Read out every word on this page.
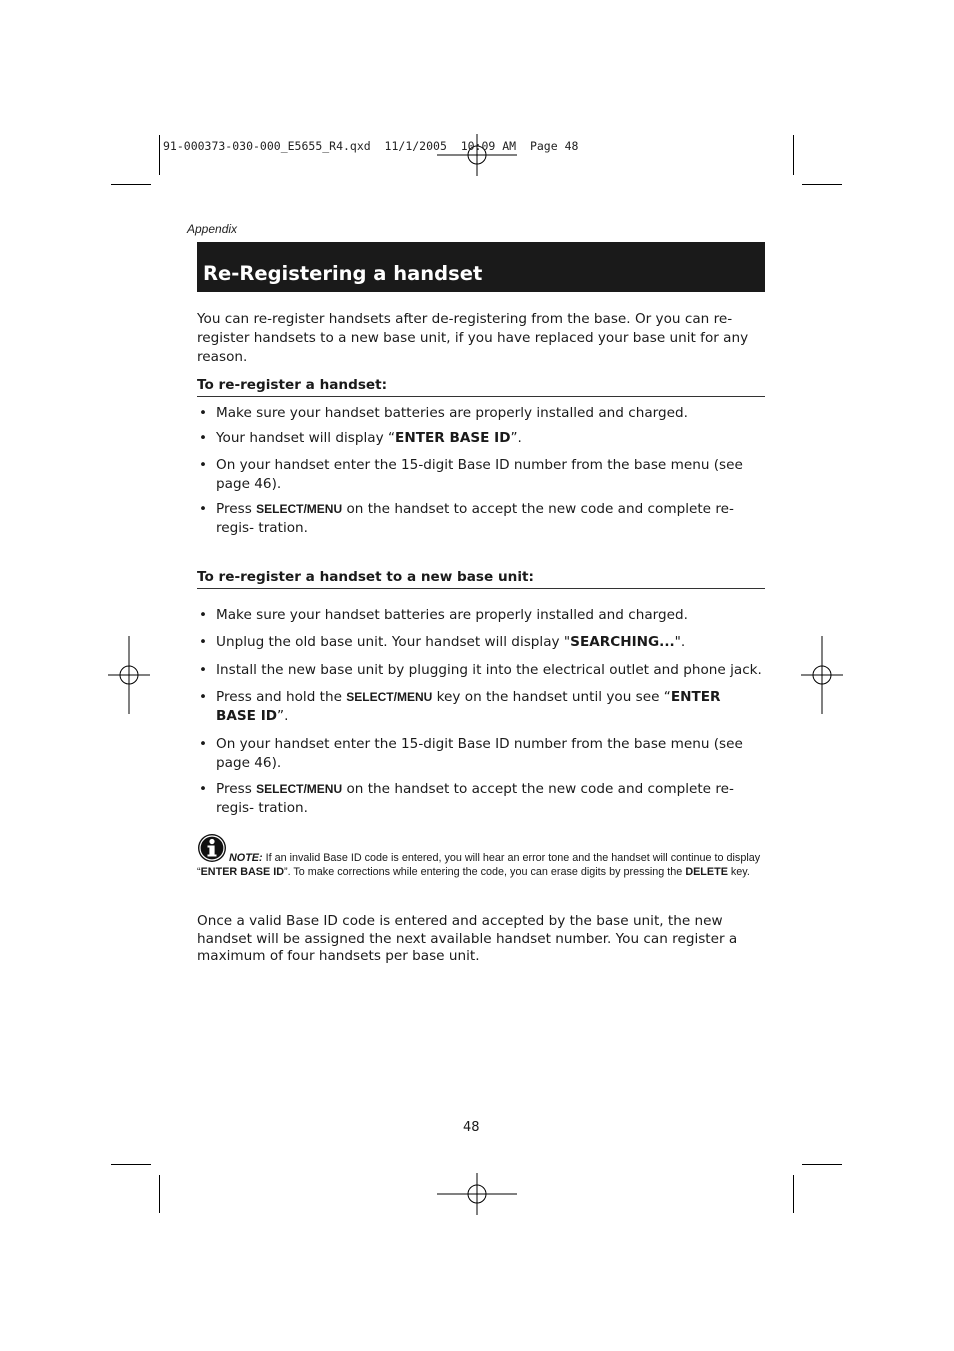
91-000373-030-000_E5655_R4.qxd  11/1/2005  10:09 AM  Page 48
Appendix
Re-Registering a handset
You can re-register handsets after de-registering from the base. Or you can re-register handsets to a new base unit, if you have replaced your base unit for any reason.
To re-register a handset:
• Make sure your handset batteries are properly installed and charged.
• Your handset will display “ENTER BASE ID”.
• On your handset enter the 15-digit Base ID number from the base menu (see page 46).
• Press SELECT/MENU on the handset to accept the new code and complete re-regis- tration.
To re-register a handset to a new base unit:
• Make sure your handset batteries are properly installed and charged.
• Unplug the old base unit. Your handset will display "SEARCHING...".
• Install the new base unit by plugging it into the electrical outlet and phone jack.
• Press and hold the SELECT/MENU key on the handset until you see “ENTER BASE ID”.
• On your handset enter the 15-digit Base ID number from the base menu (see page 46).
• Press SELECT/MENU on the handset to accept the new code and complete re-regis- tration.
NOTE: If an invalid Base ID code is entered, you will hear an error tone and the handset will continue to display “ENTER BASE ID”. To make corrections while entering the code, you can erase digits by pressing the DELETE key.
Once a valid Base ID code is entered and accepted by the base unit, the new handset will be assigned the next available handset number. You can register a maximum of four handsets per base unit.
48
